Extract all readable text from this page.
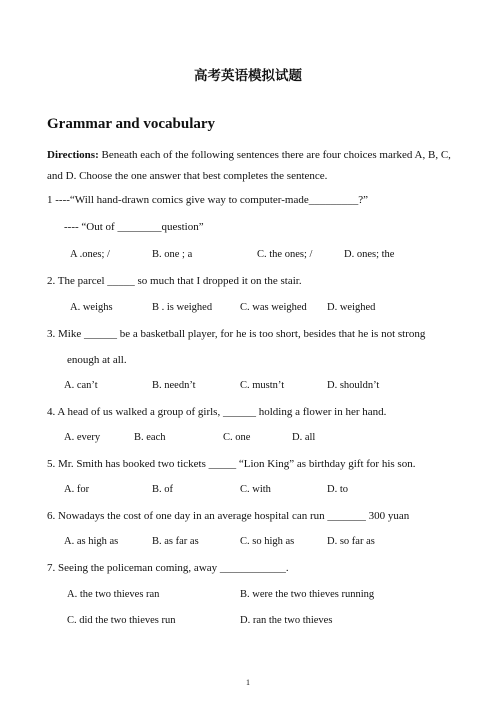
高考英语模拟试题
Grammar and vocabulary
Directions: Beneath each of the following sentences there are four choices marked A, B, C, and D. Choose the one answer that best completes the sentence.
1 ----“Will hand-drawn comics give way to computer-made_________?”
---- “Out of ________question”
A .ones; /	B. one ; a	C. the ones; /	D. ones; the
2. The parcel _____ so much that I dropped it on the stair.
A. weighs	B . is weighed	C. was weighed D. weighed
3. Mike ______ be a basketball player, for he is too short, besides that he is not strong
enough at all.
A. can’t	B. needn’t	C. mustn’t	D. shouldn’t
4. A head of us walked a group of girls, ______ holding a flower in her hand.
A. every	B. each	C. one	D. all
5. Mr. Smith has booked two tickets _____ “Lion King” as birthday gift for his son.
A. for	B. of	C. with	D. to
6. Nowadays the cost of one day in an average hospital can run _______ 300 yuan
A. as high as	B. as far as	C. so high as	D. so far as
7. Seeing the policeman coming, away ____________.
A. the two thieves ran	B. were the two thieves running
C. did the two thieves run	D. ran the two thieves
1
